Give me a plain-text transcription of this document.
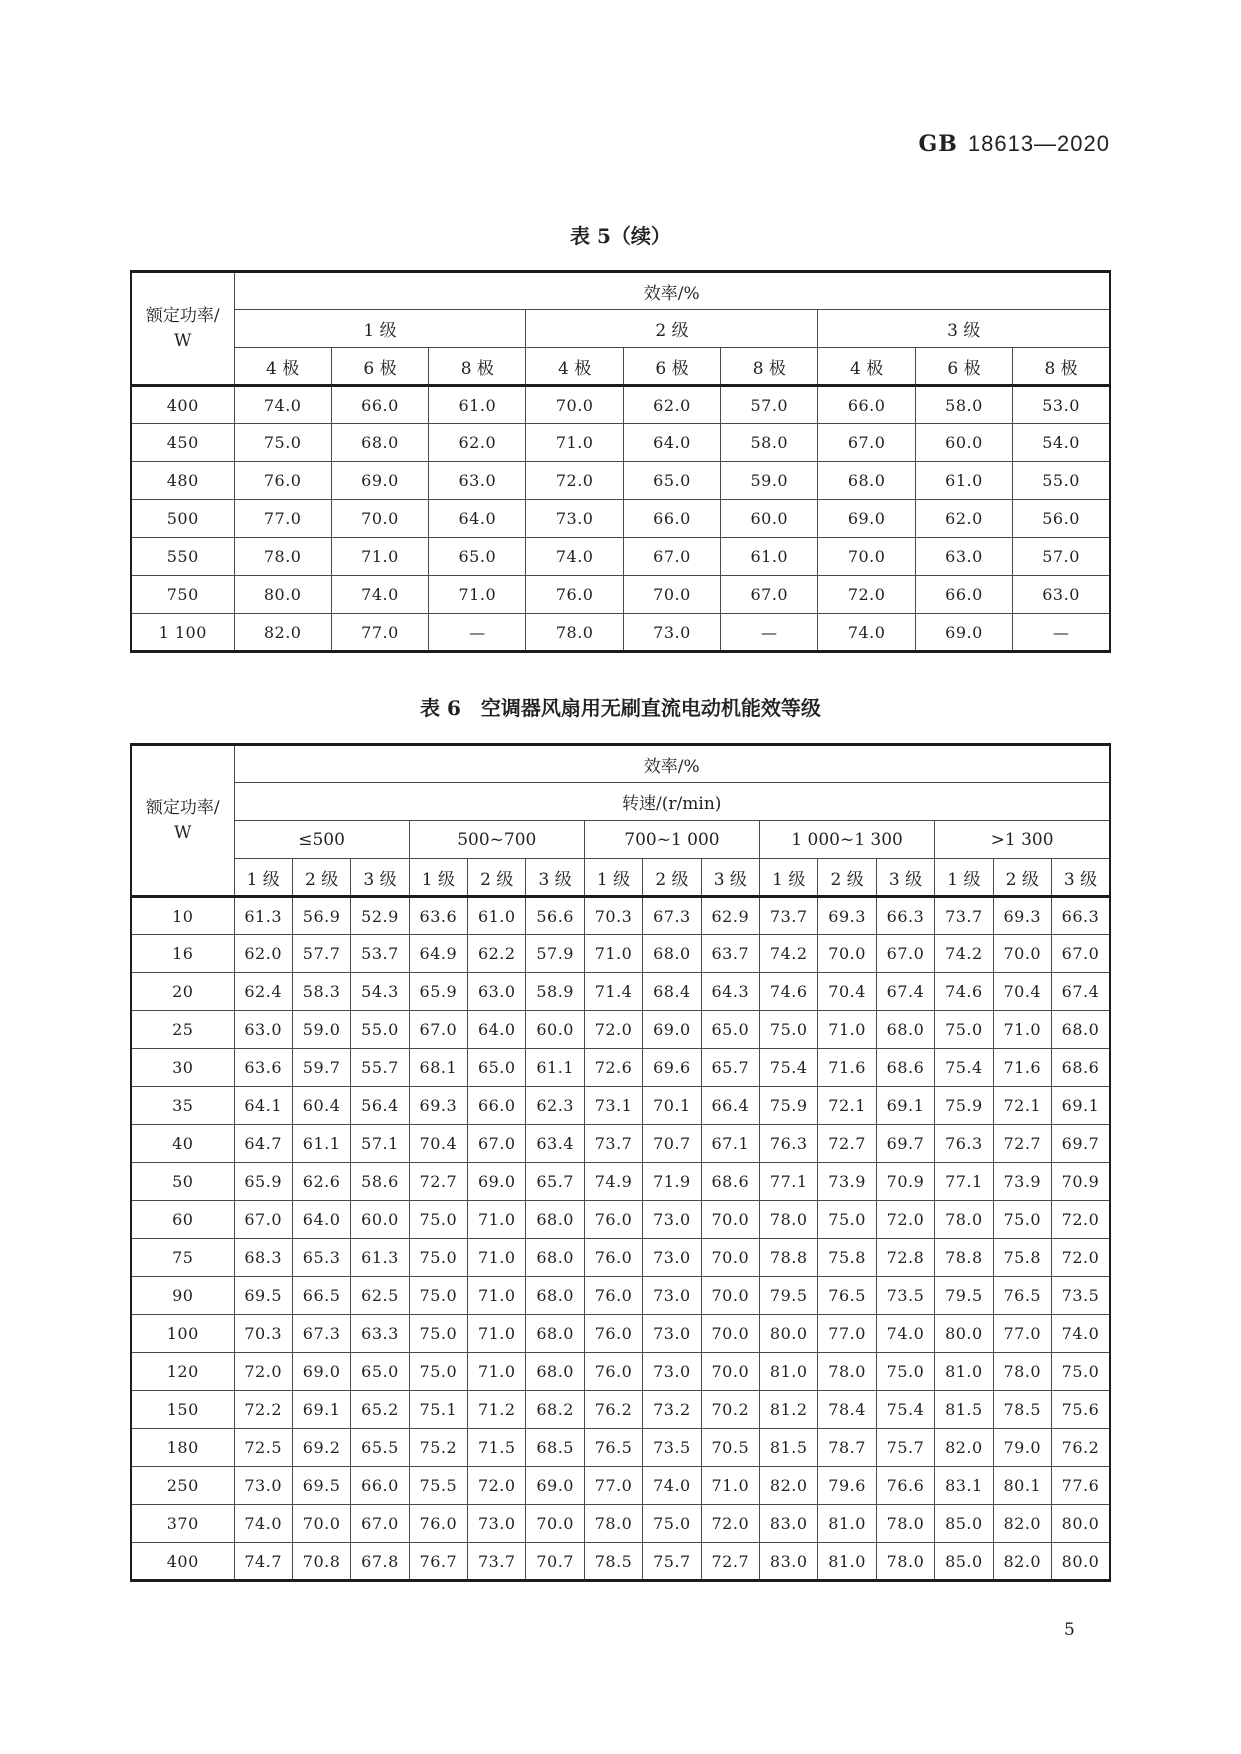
GB 18613—2020
表 5（续）
额定功率/
W	效率/%								
	1 级			2 级			3 级		
	4 极	6 极	8 极	4 极	6 极	8 极	4 极	6 极	8 极
400	74.0	66.0	61.0	70.0	62.0	57.0	66.0	58.0	53.0
450	75.0	68.0	62.0	71.0	64.0	58.0	67.0	60.0	54.0
480	76.0	69.0	63.0	72.0	65.0	59.0	68.0	61.0	55.0
500	77.0	70.0	64.0	73.0	66.0	60.0	69.0	62.0	56.0
550	78.0	71.0	65.0	74.0	67.0	61.0	70.0	63.0	57.0
750	80.0	74.0	71.0	76.0	70.0	67.0	72.0	66.0	63.0
1 100	82.0	77.0	—	78.0	73.0	—	74.0	69.0	—
表 6　空调器风扇用无刷直流电动机能效等级
额定功率/
W	效率/%														
	转速/(r/min)														
	≤500			500~700			700~1 000			1 000~1 300			>1 300		
	1 级	2 级	3 级	1 级	2 级	3 级	1 级	2 级	3 级	1 级	2 级	3 级	1 级	2 级	3 级
10	61.3	56.9	52.9	63.6	61.0	56.6	70.3	67.3	62.9	73.7	69.3	66.3	73.7	69.3	66.3
16	62.0	57.7	53.7	64.9	62.2	57.9	71.0	68.0	63.7	74.2	70.0	67.0	74.2	70.0	67.0
20	62.4	58.3	54.3	65.9	63.0	58.9	71.4	68.4	64.3	74.6	70.4	67.4	74.6	70.4	67.4
25	63.0	59.0	55.0	67.0	64.0	60.0	72.0	69.0	65.0	75.0	71.0	68.0	75.0	71.0	68.0
30	63.6	59.7	55.7	68.1	65.0	61.1	72.6	69.6	65.7	75.4	71.6	68.6	75.4	71.6	68.6
35	64.1	60.4	56.4	69.3	66.0	62.3	73.1	70.1	66.4	75.9	72.1	69.1	75.9	72.1	69.1
40	64.7	61.1	57.1	70.4	67.0	63.4	73.7	70.7	67.1	76.3	72.7	69.7	76.3	72.7	69.7
50	65.9	62.6	58.6	72.7	69.0	65.7	74.9	71.9	68.6	77.1	73.9	70.9	77.1	73.9	70.9
60	67.0	64.0	60.0	75.0	71.0	68.0	76.0	73.0	70.0	78.0	75.0	72.0	78.0	75.0	72.0
75	68.3	65.3	61.3	75.0	71.0	68.0	76.0	73.0	70.0	78.8	75.8	72.8	78.8	75.8	72.0
90	69.5	66.5	62.5	75.0	71.0	68.0	76.0	73.0	70.0	79.5	76.5	73.5	79.5	76.5	73.5
100	70.3	67.3	63.3	75.0	71.0	68.0	76.0	73.0	70.0	80.0	77.0	74.0	80.0	77.0	74.0
120	72.0	69.0	65.0	75.0	71.0	68.0	76.0	73.0	70.0	81.0	78.0	75.0	81.0	78.0	75.0
150	72.2	69.1	65.2	75.1	71.2	68.2	76.2	73.2	70.2	81.2	78.4	75.4	81.5	78.5	75.6
180	72.5	69.2	65.5	75.2	71.5	68.5	76.5	73.5	70.5	81.5	78.7	75.7	82.0	79.0	76.2
250	73.0	69.5	66.0	75.5	72.0	69.0	77.0	74.0	71.0	82.0	79.6	76.6	83.1	80.1	77.6
370	74.0	70.0	67.0	76.0	73.0	70.0	78.0	75.0	72.0	83.0	81.0	78.0	85.0	82.0	80.0
400	74.7	70.8	67.8	76.7	73.7	70.7	78.5	75.7	72.7	83.0	81.0	78.0	85.0	82.0	80.0
5
